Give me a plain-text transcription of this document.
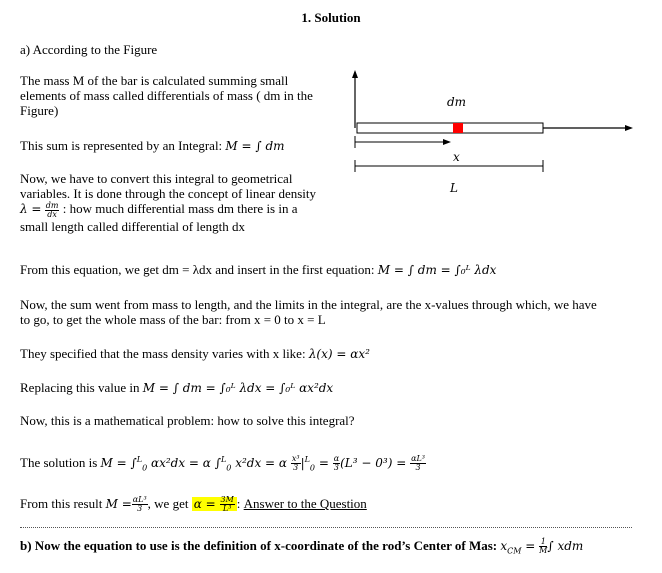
1. Solution
a) According to the Figure
The mass M of the bar is calculated summing small
elements of mass called differentials of mass ( dm in the
Figure)
This sum is represented by an Integral: M = ∫ dm
Now, we have to convert this integral to geometrical
variables. It is done through the concept of linear density
$\lambda = \frac{dm}{dx}$ : how much differential mass dm there is in a
small length called differential of length dx
dm
x
L
From this equation, we get dm = λdx and insert in the first equation: M = ∫ dm = ∫₀ᴸ λdx
Now, the sum went from mass to length, and the limits in the integral, are the x-values through which, we have
to go, to get the whole mass of the bar: from x = 0 to x = L
They specified that the mass density varies with x like: λ(x) = αx²
Replacing this value in M = ∫ dm = ∫₀ᴸ λdx = ∫₀ᴸ αx²dx
Now, this is a mathematical problem: how to solve this integral?
The solution is M = ∫$^L_0$ αx²dx = α ∫$^L_0$ x²dx = α $\frac{\text{x³}}{3} |^L_0 = \frac{\alpha}{3} (L^3 - 0^3) = \frac{\text{αL³}}{3}$
From this result $M = \frac{\text{αL³}}{3}$ , we get $\alpha = \frac{3M}{\text{L³}}$ : Answer to the Question
b) Now the equation to use is the definition of x-coordinate of the rod’s Center of Mas: $x_{CM} = \frac{1}{M}$ ∫ xdm
